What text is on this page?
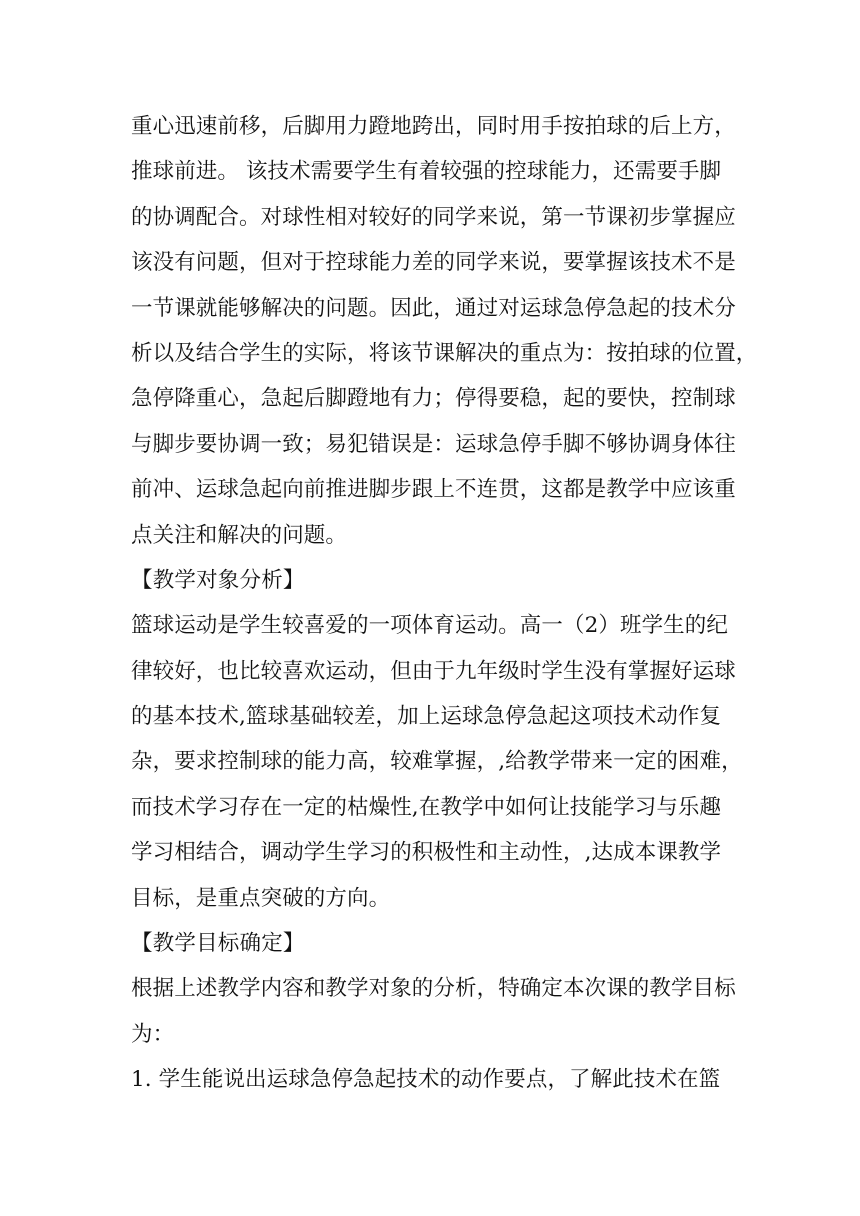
重心迅速前移，后脚用力蹬地跨出，同时用手按拍球的后上方，
推球前进。 该技术需要学生有着较强的控球能力，还需要手脚
的协调配合。对球性相对较好的同学来说，第一节课初步掌握应
该没有问题，但对于控球能力差的同学来说，要掌握该技术不是
一节课就能够解决的问题。因此，通过对运球急停急起的技术分
析以及结合学生的实际，将该节课解决的重点为：按拍球的位置，
急停降重心，急起后脚蹬地有力；停得要稳，起的要快，控制球
与脚步要协调一致；易犯错误是：运球急停手脚不够协调身体往
前冲、运球急起向前推进脚步跟上不连贯，这都是教学中应该重
点关注和解决的问题。
【教学对象分析】
篮球运动是学生较喜爱的一项体育运动。高一（2）班学生的纪
律较好，也比较喜欢运动，但由于九年级时学生没有掌握好运球
的基本技术,篮球基础较差，加上运球急停急起这项技术动作复
杂，要求控制球的能力高，较难掌握，,给教学带来一定的困难，
而技术学习存在一定的枯燥性,在教学中如何让技能学习与乐趣
学习相结合，调动学生学习的积极性和主动性，,达成本课教学
目标，是重点突破的方向。
【教学目标确定】
根据上述教学内容和教学对象的分析，特确定本次课的教学目标
为：
1. 学生能说出运球急停急起技术的动作要点，了解此技术在篮
